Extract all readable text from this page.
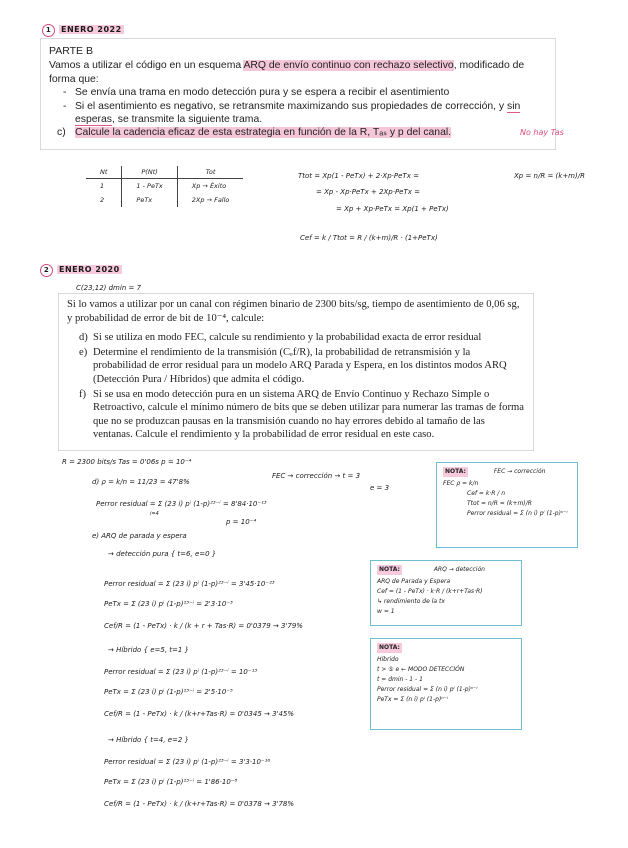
1 ENERO 2022
PARTE B
Vamos a utilizar el código en un esquema ARQ de envío continuo con rechazo selectivo, modificado de forma que:
- Se envía una trama en modo detección pura y se espera a recibir el asentimiento
- Si el asentimiento es negativo, se retransmite maximizando sus propiedades de corrección, y sin esperas, se transmite la siguiente trama.
c) Calcule la cadencia eficaz de esta estrategia en función de la R, Tₐₛ y p del canal.	No hay Tas
Nt	P(Nt)	Tot
1	1 - PeTx	Xp → Éxito
2	PeTx	2Xp → Fallo
Ttot = Xp(1 - PeTx) + 2·Xp·PeTx =
= Xp - Xp·PeTx + 2Xp·PeTx =
= Xp + Xp·PeTx = Xp(1 + PeTx)
Cef = k / Ttot = R / (k+m)/R · (1+PeTx)
Xp = n/R = (k+m)/R
2 ENERO 2020
C(23,12) dmin = 7
Si lo vamos a utilizar por un canal con régimen binario de 2300 bits/sg, tiempo de asentimiento de 0,06 sg, y probabilidad de error de bit de 10⁻⁴, calcule:
d) Si se utiliza en modo FEC, calcule su rendimiento y la probabilidad exacta de error residual
e) Determine el rendimiento de la transmisión (Cₑf/R), la probabilidad de retransmisión y la probabilidad de error residual para un modelo ARQ Parada y Espera, en los distintos modos ARQ (Detección Pura / Híbridos) que admita el código.
f) Si se usa en modo detección pura en un sistema ARQ de Envío Continuo y Rechazo Simple o Retroactivo, calcule el mínimo número de bits que se deben utilizar para numerar las tramas de forma que no se produzcan pausas en la transmisión cuando no hay errores debido al tamaño de las ventanas. Calcule el rendimiento y la probabilidad de error residual en este caso.
R = 2300 bits/s Tas = 0'06s p = 10⁻⁴
d) ρ = k/n = 11/23 = 47'8%
FEC → corrección → t = 3
e = 3
Perror residual = Σ (23 i) pⁱ (1-p)²³⁻ⁱ = 8'84·10⁻¹³
i=4
p = 10⁻⁴
e) ARQ de parada y espera
→ detección pura { t=6, e=0 }
Perror residual = Σ (23 i) pⁱ (1-p)²³⁻ⁱ = 3'45·10⁻²³
PeTx = Σ (23 i) pⁱ (1-p)²³⁻ⁱ = 2'3·10⁻³
Cef/R = (1 - PeTx) · k / (k + r + Tas·R) = 0'0379 → 3'79%
→ Híbrido { e=5, t=1 }
Perror residual = Σ (23 i) pⁱ (1-p)²³⁻ⁱ = 10⁻¹³
PeTx = Σ (23 i) pⁱ (1-p)²³⁻ⁱ = 2'5·10⁻⁵
Cef/R = (1 - PeTx) · k / (k+r+Tas·R) = 0'0345 → 3'45%
→ Híbrido { t=4, e=2 }
Perror residual = Σ (23 i) pⁱ (1-p)²³⁻ⁱ = 3'3·10⁻¹⁶
PeTx = Σ (23 i) pⁱ (1-p)²³⁻ⁱ = 1'86·10⁻⁸
Cef/R = (1 - PeTx) · k / (k+r+Tas·R) = 0'0378 → 3'78%
NOTA:	FEC → corrección
FEC ρ = k/n
Cef = k·R / n
Ttot = n/R = (k+m)/R
Perror residual = Σ (n i) pⁱ (1-p)ⁿ⁻ⁱ
NOTA:	ARQ → detección
ARQ de Parada y Espera
Cef = (1 - PeTx) · k·R / (k+r+Tas·R)
↳ rendimiento de la tx
w = 1
NOTA:
Híbrido
t > ⑤ e ← MODO DETECCIÓN
t = dmin - 1 - 1
Perror residual = Σ (n i) pⁱ (1-p)ⁿ⁻ⁱ
PeTx = Σ (n i) pⁱ (1-p)ⁿ⁻ⁱ
